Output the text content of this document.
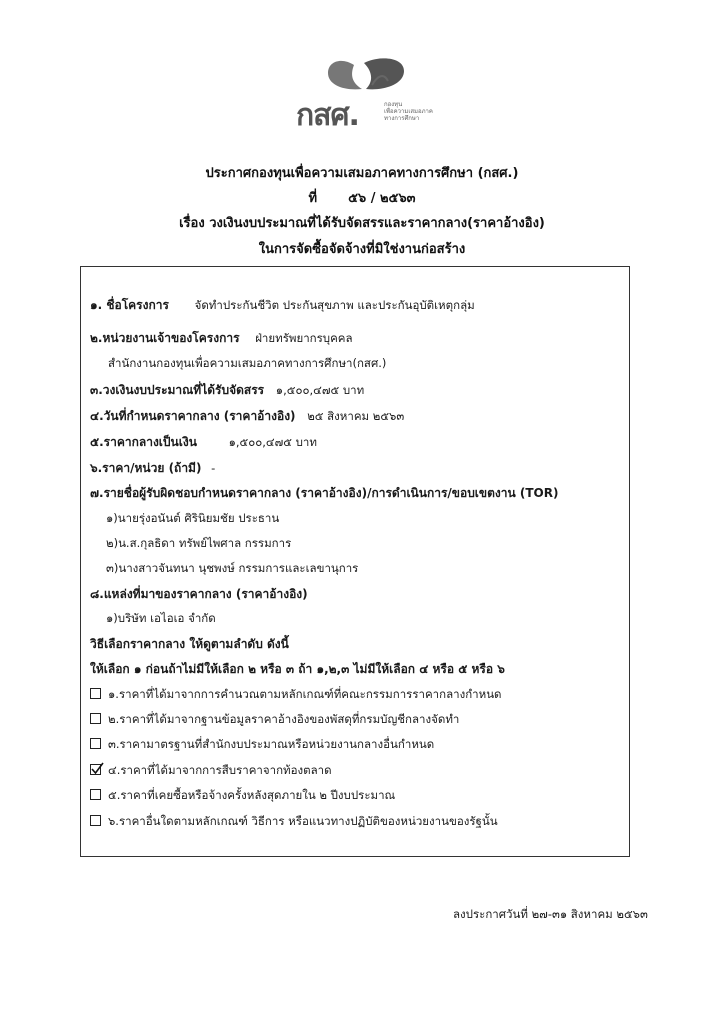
กสศ.	กองทุน
เพื่อความเสมอภาค
ทางการศึกษา
ประกาศกองทุนเพื่อความเสมอภาคทางการศึกษา (กสศ.)
ที่ ๕๖ / ๒๕๖๓
เรื่อง วงเงินงบประมาณที่ได้รับจัดสรรและราคากลาง(ราคาอ้างอิง)
ในการจัดซื้อจัดจ้างที่มิใช่งานก่อสร้าง
๑. ชื่อโครงการ จัดทำประกันชีวิต ประกันสุขภาพ และประกันอุบัติเหตุกลุ่ม
๒.หน่วยงานเจ้าของโครงการ ฝ่ายทรัพยากรบุคคล
สำนักงานกองทุนเพื่อความเสมอภาคทางการศึกษา(กสศ.)
๓.วงเงินงบประมาณที่ได้รับจัดสรร ๑,๕๐๐,๔๗๕ บาท
๔.วันที่กำหนดราคากลาง (ราคาอ้างอิง) ๒๕ สิงหาคม ๒๕๖๓
๕.ราคากลางเป็นเงิน	๑,๕๐๐,๔๗๕ บาท
๖.ราคา/หน่วย (ถ้ามี) -
๗.รายชื่อผู้รับผิดชอบกำหนดราคากลาง (ราคาอ้างอิง)/การดำเนินการ/ขอบเขตงาน (TOR)
๑)นายรุ่งอนันต์ ศิรินิยมชัย ประธาน
๒)น.ส.กุลธิดา ทรัพย์ไพศาล กรรมการ
๓)นางสาวจันทนา นุชพงษ์ กรรมการและเลขานุการ
๘.แหล่งที่มาของราคากลาง (ราคาอ้างอิง)
๑)บริษัท เอไอเอ จำกัด
วิธีเลือกราคากลาง ให้ดูตามลำดับ ดังนี้
ให้เลือก ๑ ก่อนถ้าไม่มีให้เลือก ๒ หรือ ๓ ถ้า ๑,๒,๓ ไม่มีให้เลือก ๔ หรือ ๕ หรือ ๖
๑.ราคาที่ได้มาจากการคำนวณตามหลักเกณฑ์ที่คณะกรรมการราคากลางกำหนด
๒.ราคาที่ได้มาจากฐานข้อมูลราคาอ้างอิงของพัสดุที่กรมบัญชีกลางจัดทำ
๓.ราคามาตรฐานที่สำนักงบประมาณหรือหน่วยงานกลางอื่นกำหนด
๔.ราคาที่ได้มาจากการสืบราคาจากท้องตลาด
๕.ราคาที่เคยซื้อหรือจ้างครั้งหลังสุดภายใน ๒ ปีงบประมาณ
๖.ราคาอื่นใดตามหลักเกณฑ์ วิธีการ หรือแนวทางปฏิบัติของหน่วยงานของรัฐนั้น
ลงประกาศวันที่ ๒๗-๓๑ สิงหาคม ๒๕๖๓
